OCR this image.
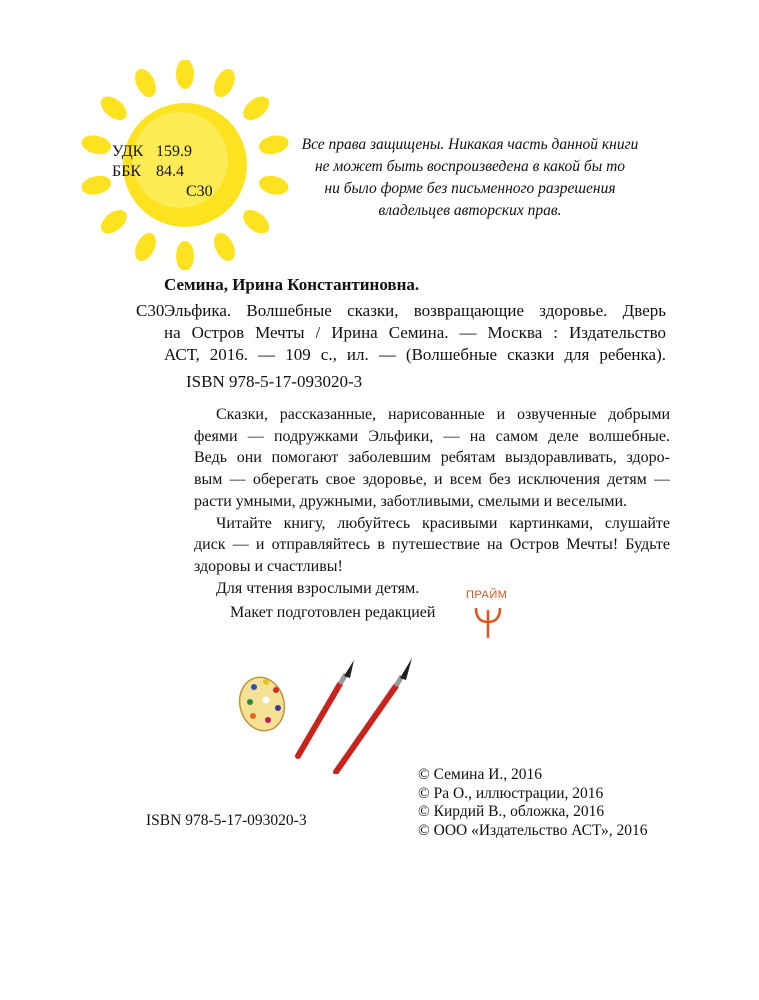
УДК 159.9
ББК 84.4
С30
Все права защищены. Никакая часть данной книги
не может быть воспроизведена в какой бы то
ни было форме без письменного разрешения
владельцев авторских прав.
Семина, Ирина Константиновна.
С30 Эльфика. Волшебные сказки, возвращающие здоровье. Дверь
на Остров Мечты / Ирина Семина. — Москва : Издательство
АСТ, 2016. — 109 с., ил. — (Волшебные сказки для ребенка).
ISBN 978-5-17-093020-3
Сказки, рассказанные, нарисованные и озвученные добрыми
феями — подружками Эльфики, — на самом деле волшебные.
Ведь они помогают заболевшим ребятам выздоравливать, здоро-
вым — оберегать свое здоровье, и всем без исключения детям —
расти умными, дружными, заботливыми, смелыми и веселыми.
Читайте книгу, любуйтесь красивыми картинками, слушайте
диск — и отправляйтесь в путешествие на Остров Мечты! Будьте
здоровы и счастливы!
Для чтения взрослыми детям.
Макет подготовлен редакцией
ПРАЙМ
© Семина И., 2016
© Ра О., иллюстрации, 2016
© Кирдий В., обложка, 2016
© ООО «Издательство АСТ», 2016
ISBN 978-5-17-093020-3
